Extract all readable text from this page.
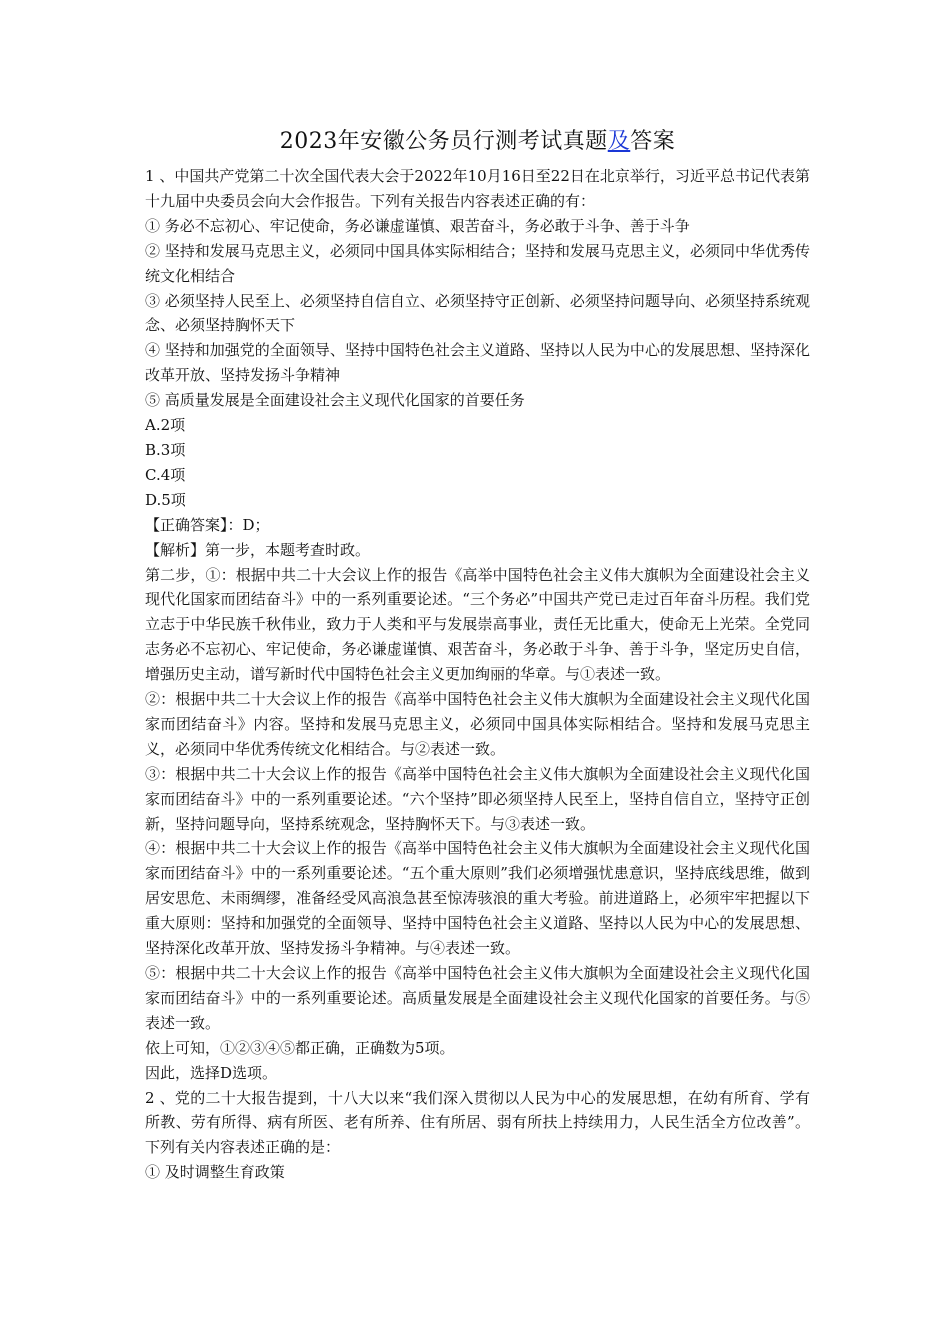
2023年安徽公务员行测考试真题及答案

1 、中国共产党第二十次全国代表大会于2022年10月16日至22日在北京举行，习近平总书记代表第十九届中央委员会向大会作报告。下列有关报告内容表述正确的有：

① 务必不忘初心、牢记使命，务必谦虚谨慎、艰苦奋斗，务必敢于斗争、善于斗争

② 坚持和发展马克思主义，必须同中国具体实际相结合；坚持和发展马克思主义，必须同中华优秀传统文化相结合

③ 必须坚持人民至上、必须坚持自信自立、必须坚持守正创新、必须坚持问题导向、必须坚持系统观念、必须坚持胸怀天下

④ 坚持和加强党的全面领导、坚持中国特色社会主义道路、坚持以人民为中心的发展思想、坚持深化改革开放、坚持发扬斗争精神

⑤ 高质量发展是全面建设社会主义现代化国家的首要任务

A.2项

B.3项

C.4项

D.5项

【正确答案】：D；

【解析】第一步，本题考查时政。

第二步，①：根据中共二十大会议上作的报告《高举中国特色社会主义伟大旗帜为全面建设社会主义现代化国家而团结奋斗》中的一系列重要论述。“三个务必”中国共产党已走过百年奋斗历程。我们党立志于中华民族千秋伟业，致力于人类和平与发展崇高事业，责任无比重大，使命无上光荣。全党同志务必不忘初心、牢记使命，务必谦虚谨慎、艰苦奋斗，务必敢于斗争、善于斗争，坚定历史自信，增强历史主动，谱写新时代中国特色社会主义更加绚丽的华章。与①表述一致。

②：根据中共二十大会议上作的报告《高举中国特色社会主义伟大旗帜为全面建设社会主义现代化国家而团结奋斗》内容。坚持和发展马克思主义，必须同中国具体实际相结合。坚持和发展马克思主义，必须同中华优秀传统文化相结合。与②表述一致。

③：根据中共二十大会议上作的报告《高举中国特色社会主义伟大旗帜为全面建设社会主义现代化国家而团结奋斗》中的一系列重要论述。“六个坚持”即必须坚持人民至上，坚持自信自立，坚持守正创新，坚持问题导向，坚持系统观念，坚持胸怀天下。与③表述一致。

④：根据中共二十大会议上作的报告《高举中国特色社会主义伟大旗帜为全面建设社会主义现代化国家而团结奋斗》中的一系列重要论述。“五个重大原则”我们必须增强忧患意识，坚持底线思维，做到居安思危、未雨绸缪，准备经受风高浪急甚至惊涛骇浪的重大考验。前进道路上，必须牢牢把握以下重大原则：坚持和加强党的全面领导、坚持中国特色社会主义道路、坚持以人民为中心的发展思想、坚持深化改革开放、坚持发扬斗争精神。与④表述一致。

⑤：根据中共二十大会议上作的报告《高举中国特色社会主义伟大旗帜为全面建设社会主义现代化国家而团结奋斗》中的一系列重要论述。高质量发展是全面建设社会主义现代化国家的首要任务。与⑤表述一致。

依上可知，①②③④⑤都正确，正确数为5项。

因此，选择D选项。

2 、党的二十大报告提到，十八大以来“我们深入贯彻以人民为中心的发展思想，在幼有所育、学有所教、劳有所得、病有所医、老有所养、住有所居、弱有所扶上持续用力，人民生活全方位改善”。下列有关内容表述正确的是：

① 及时调整生育政策
